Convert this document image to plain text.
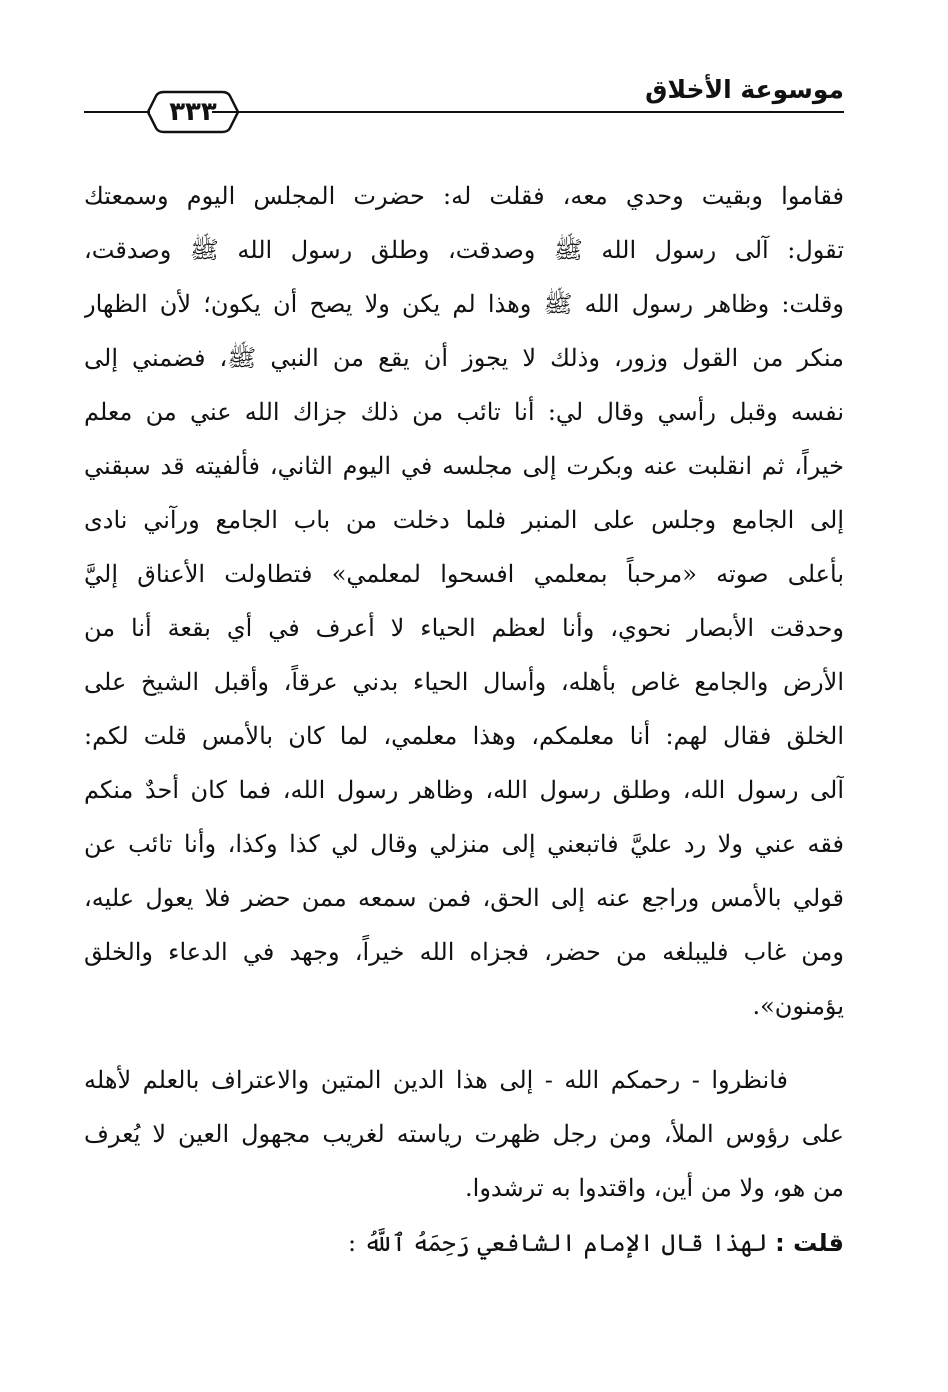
موسوعة الأخلاق
٣٣٣
فقاموا وبقيت وحدي معه، فقلت له: حضرت المجلس اليوم وسمعتك
تقول: آلى رسول الله ﷺ وصدقت، وطلق رسول الله ﷺ وصدقت،
وقلت: وظاهر رسول الله ﷺ وهذا لم يكن ولا يصح أن يكون؛ لأن الظهار
منكر من القول وزور، وذلك لا يجوز أن يقع من النبي ﷺ، فضمني إلى
نفسه وقبل رأسي وقال لي: أنا تائب من ذلك جزاك الله عني من معلم
خيراً، ثم انقلبت عنه وبكرت إلى مجلسه في اليوم الثاني، فألفيته قد سبقني
إلى الجامع وجلس على المنبر فلما دخلت من باب الجامع ورآني نادى
بأعلى صوته «مرحباً بمعلمي افسحوا لمعلمي» فتطاولت الأعناق إليَّ
وحدقت الأبصار نحوي، وأنا لعظم الحياء لا أعرف في أي بقعة أنا من
الأرض والجامع غاص بأهله، وأسال الحياء بدني عرقاً، وأقبل الشيخ على
الخلق فقال لهم: أنا معلمكم، وهذا معلمي، لما كان بالأمس قلت لكم:
آلى رسول الله، وطلق رسول الله، وظاهر رسول الله، فما كان أحدٌ منكم
فقه عني ولا رد عليَّ فاتبعني إلى منزلي وقال لي كذا وكذا، وأنا تائب عن
قولي بالأمس وراجع عنه إلى الحق، فمن سمعه ممن حضر فلا يعول عليه،
ومن غاب فليبلغه من حضر، فجزاه الله خيراً، وجهد في الدعاء والخلق
يؤمنون».
فانظروا - رحمكم الله - إلى هذا الدين المتين والاعتراف بالعلم لأهله
على رؤوس الملأ، ومن رجل ظهرت رياسته لغريب مجهول العين لا يُعرف
من هو، ولا من أين، واقتدوا به ترشدوا.
قلت : لهذا قال الإمام الشافعي رَحِمَهُ ٱللَّهُ :
